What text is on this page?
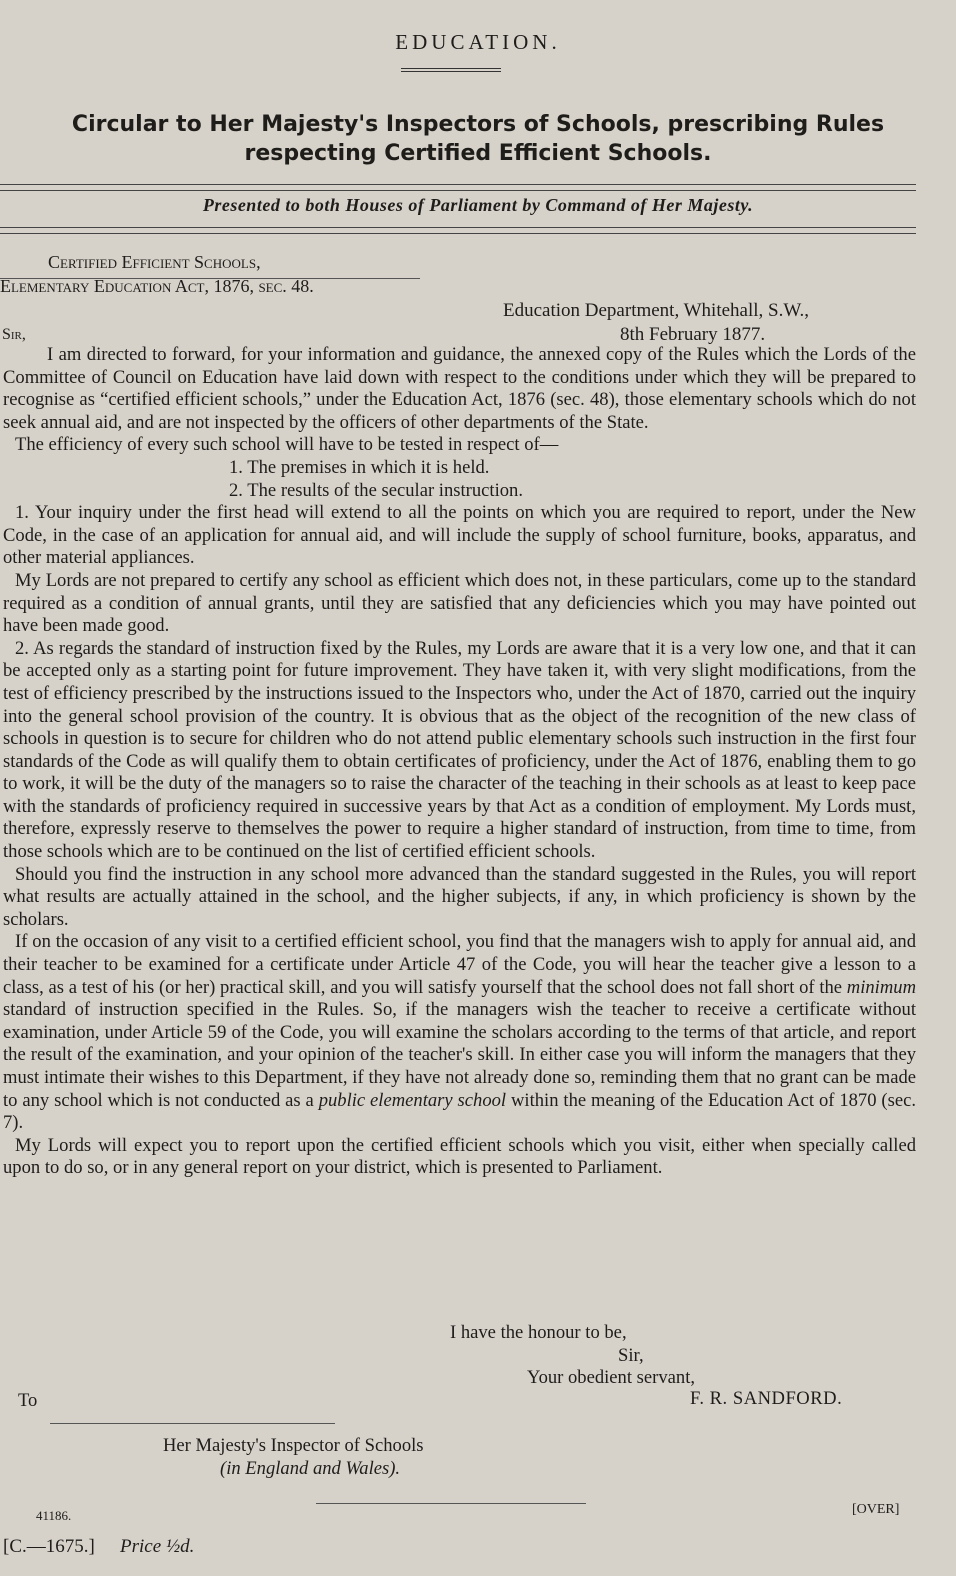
EDUCATION.
Circular to Her Majesty's Inspectors of Schools, prescribing Rules
respecting Certified Efficient Schools.
Presented to both Houses of Parliament by Command of Her Majesty.
Certified Efficient Schools,
Elementary Education Act, 1876, sec. 48.
Education Department, Whitehall, S.W.,
8th February 1877.
Sir,

I am directed to forward, for your information and guidance, the annexed copy of the Rules which the Lords of the Committee of Council on Education have laid down with respect to the conditions under which they will be prepared to recognise as “certified efficient schools,” under the Education Act, 1876 (sec. 48), those elementary schools which do not seek annual aid, and are not inspected by the officers of other departments of the State.

The efficiency of every such school will have to be tested in respect of—

1. The premises in which it is held.

2. The results of the secular instruction.

1. Your inquiry under the first head will extend to all the points on which you are required to report, under the New Code, in the case of an application for annual aid, and will include the supply of school furniture, books, apparatus, and other material appliances.

My Lords are not prepared to certify any school as efficient which does not, in these particulars, come up to the standard required as a condition of annual grants, until they are satisfied that any deficiencies which you may have pointed out have been made good.

2. As regards the standard of instruction fixed by the Rules, my Lords are aware that it is a very low one, and that it can be accepted only as a starting point for future improvement. They have taken it, with very slight modifications, from the test of efficiency prescribed by the instructions issued to the Inspectors who, under the Act of 1870, carried out the inquiry into the general school provision of the country. It is obvious that as the object of the recognition of the new class of schools in question is to secure for children who do not attend public elementary schools such instruction in the first four standards of the Code as will qualify them to obtain certificates of proficiency, under the Act of 1876, enabling them to go to work, it will be the duty of the managers so to raise the character of the teaching in their schools as at least to keep pace with the standards of proficiency required in successive years by that Act as a condition of employment. My Lords must, therefore, expressly reserve to themselves the power to require a higher standard of instruction, from time to time, from those schools which are to be continued on the list of certified efficient schools.

Should you find the instruction in any school more advanced than the standard suggested in the Rules, you will report what results are actually attained in the school, and the higher subjects, if any, in which proficiency is shown by the scholars.

If on the occasion of any visit to a certified efficient school, you find that the managers wish to apply for annual aid, and their teacher to be examined for a certificate under Article 47 of the Code, you will hear the teacher give a lesson to a class, as a test of his (or her) practical skill, and you will satisfy yourself that the school does not fall short of the minimum standard of instruction specified in the Rules. So, if the managers wish the teacher to receive a certificate without examination, under Article 59 of the Code, you will examine the scholars according to the terms of that article, and report the result of the examination, and your opinion of the teacher's skill. In either case you will inform the managers that they must intimate their wishes to this Department, if they have not already done so, reminding them that no grant can be made to any school which is not conducted as a public elementary school within the meaning of the Education Act of 1870 (sec. 7).

My Lords will expect you to report upon the certified efficient schools which you visit, either when specially called upon to do so, or in any general report on your district, which is presented to Parliament.

I have the honour to be,
Sir,
Your obedient servant,
F. R. SANDFORD.
To
Her Majesty's Inspector of Schools
(in England and Wales).
41186.	[OVER]
[C.—1675.] Price ½d.
